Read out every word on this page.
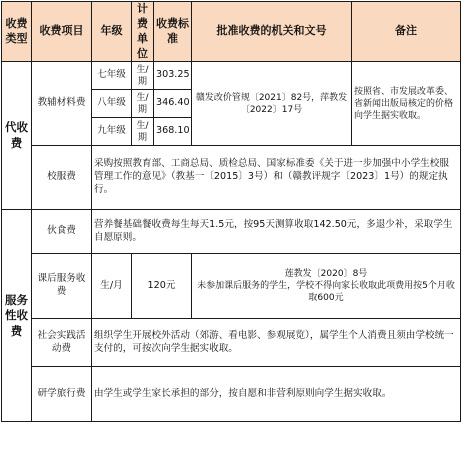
收费类型	收费项目	年级	计费单位	收费标准	批准收费的机关和文号	备注
代收费	教辅材料费	七年级	生/期	303.25	赣发改价管规〔2021〕82号，萍教发〔2022〕17号	按照省、市发展改革委、省新闻出版局核定的价格向学生据实收取。
		八年级	生/期	346.40		
		九年级	生/期	368.10		
	校服费	采购按照教育部、工商总局、质检总局、国家标准委《关于进一步加强中小学生校服管理工作的意见》（教基一〔2015〕3号）和（赣教评规字〔2023〕1号）的规定执行。				
服务性收费	伙食费	营养餐基础餐收费每生每天1.5元，按95天测算收取142.50元，多退少补，采取学生自愿原则。				
	课后服务收费	生/月	120元		莲教发〔2020〕8号
未参加课后服务的学生，学校不得向家长收取此项费用按5个月收取600元	
	社会实践活动费	组织学生开展校外活动（郊游、看电影、参观展览），属学生个人消费且须由学校统一支付的，可按次向学生据实收取。				
	研学旅行费	由学生或学生家长承担的部分，按自愿和非营利原则向学生据实收取。				
